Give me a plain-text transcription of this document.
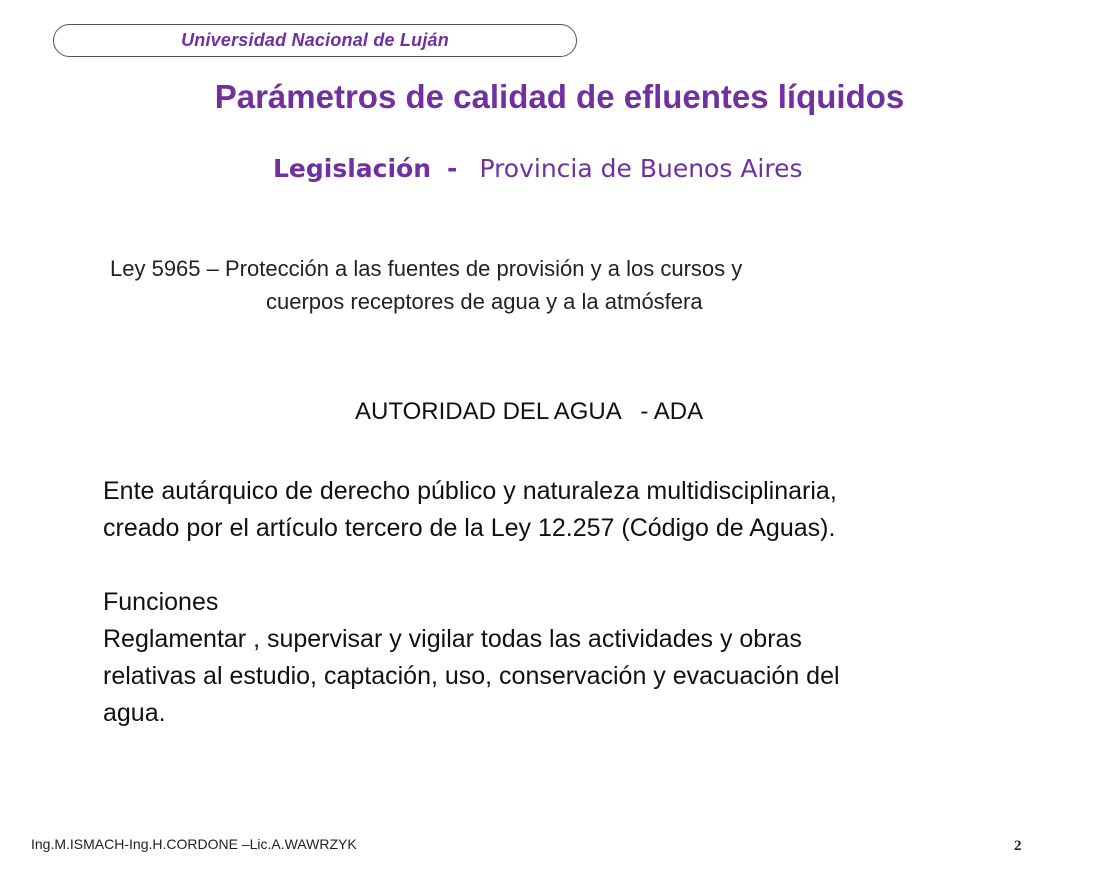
Universidad Nacional de Luján
Parámetros de calidad de efluentes líquidos
Legislación - Provincia de Buenos Aires
Ley 5965 – Protección a las fuentes de provisión y a los cursos y
cuerpos receptores de agua y a la atmósfera
AUTORIDAD DEL AGUA   - ADA

Ente autárquico de derecho público y naturaleza multidisciplinaria,

creado por el artículo tercero de la Ley 12.257 (Código de Aguas).

Funciones

Reglamentar , supervisar y vigilar todas las actividades y obras

relativas al estudio, captación, uso, conservación y evacuación del

agua.

Ing.M.ISMACH-Ing.H.CORDONE –Lic.A.WAWRZYK	2
